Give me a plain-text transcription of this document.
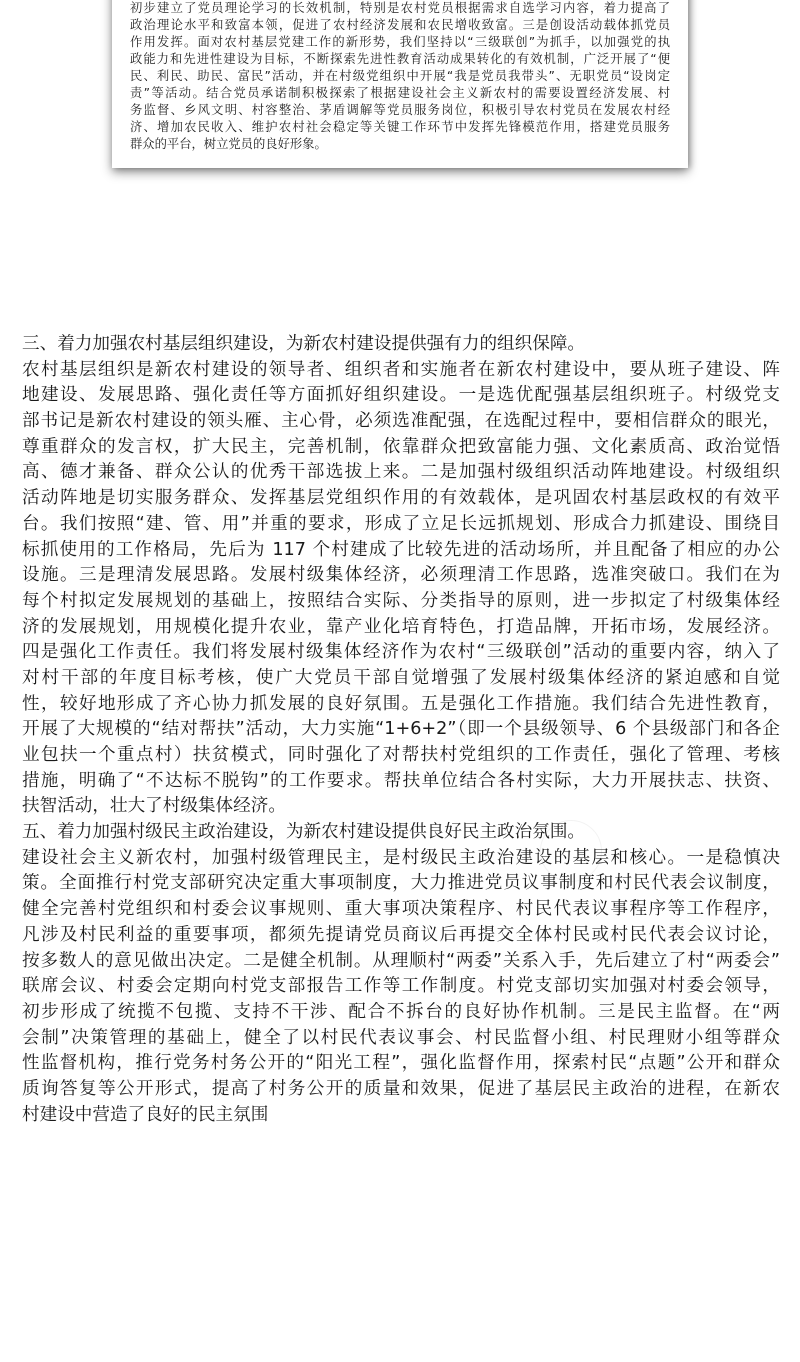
初步建立了党员理论学习的长效机制，特别是农村党员根据需求自选学习内容，着力提高了
政治理论水平和致富本领，促进了农村经济发展和农民增收致富。三是创设活动载体抓党员
作用发挥。面对农村基层党建工作的新形势，我们坚持以“三级联创”为抓手，以加强党的执
政能力和先进性建设为目标，不断探索先进性教育活动成果转化的有效机制，广泛开展了“便
民、利民、助民、富民”活动，并在村级党组织中开展“我是党员我带头”、无职党员“设岗定
责”等活动。结合党员承诺制积极探索了根据建设社会主义新农村的需要设置经济发展、村
务监督、乡风文明、村容整治、茅盾调解等党员服务岗位，积极引导农村党员在发展农村经
济、增加农民收入、维护农村社会稳定等关键工作环节中发挥先锋模范作用，搭建党员服务
群众的平台，树立党员的良好形象。
三、着力加强农村基层组织建设，为新农村建设提供强有力的组织保障。
农村基层组织是新农村建设的领导者、组织者和实施者在新农村建设中，要从班子建设、阵
地建设、发展思路、强化责任等方面抓好组织建设。一是选优配强基层组织班子。村级党支
部书记是新农村建设的领头雁、主心骨，必须选准配强，在选配过程中，要相信群众的眼光，
尊重群众的发言权，扩大民主，完善机制，依靠群众把致富能力强、文化素质高、政治觉悟
高、德才兼备、群众公认的优秀干部选拔上来。二是加强村级组织活动阵地建设。村级组织
活动阵地是切实服务群众、发挥基层党组织作用的有效载体，是巩固农村基层政权的有效平
台。我们按照“建、管、用”并重的要求，形成了立足长远抓规划、形成合力抓建设、围绕目
标抓使用的工作格局，先后为 117 个村建成了比较先进的活动场所，并且配备了相应的办公
设施。三是理清发展思路。发展村级集体经济，必须理清工作思路，选准突破口。我们在为
每个村拟定发展规划的基础上，按照结合实际、分类指导的原则，进一步拟定了村级集体经
济的发展规划，用规模化提升农业，靠产业化培育特色，打造品牌，开拓市场，发展经济。
四是强化工作责任。我们将发展村级集体经济作为农村“三级联创”活动的重要内容，纳入了
对村干部的年度目标考核，使广大党员干部自觉增强了发展村级集体经济的紧迫感和自觉
性，较好地形成了齐心协力抓发展的良好氛围。五是强化工作措施。我们结合先进性教育，
开展了大规模的“结对帮扶”活动，大力实施“1+6+2”（即一个县级领导、6 个县级部门和各企
业包扶一个重点村）扶贫模式，同时强化了对帮扶村党组织的工作责任，强化了管理、考核
措施，明确了“不达标不脱钩”的工作要求。帮扶单位结合各村实际，大力开展扶志、扶资、
扶智活动，壮大了村级集体经济。
五、着力加强村级民主政治建设，为新农村建设提供良好民主政治氛围。
建设社会主义新农村，加强村级管理民主，是村级民主政治建设的基层和核心。一是稳慎决
策。全面推行村党支部研究决定重大事项制度，大力推进党员议事制度和村民代表会议制度，
健全完善村党组织和村委会议事规则、重大事项决策程序、村民代表议事程序等工作程序，
凡涉及村民利益的重要事项，都须先提请党员商议后再提交全体村民或村民代表会议讨论，
按多数人的意见做出决定。二是健全机制。从理顺村“两委”关系入手，先后建立了村“两委会”
联席会议、村委会定期向村党支部报告工作等工作制度。村党支部切实加强对村委会领导，
初步形成了统揽不包揽、支持不干涉、配合不拆台的良好协作机制。三是民主监督。在“两
会制”决策管理的基础上，健全了以村民代表议事会、村民监督小组、村民理财小组等群众
性监督机构，推行党务村务公开的“阳光工程”，强化监督作用，探索村民“点题”公开和群众
质询答复等公开形式，提高了村务公开的质量和效果，促进了基层民主政治的进程，在新农
村建设中营造了良好的民主氛围
